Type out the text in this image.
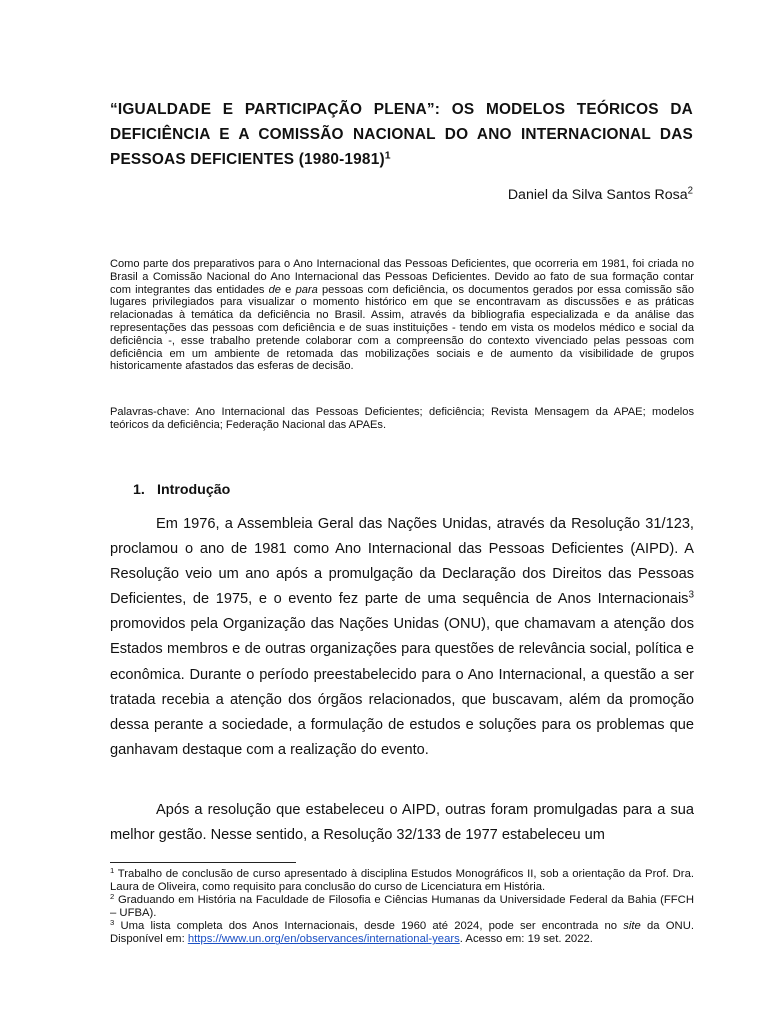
“IGUALDADE E PARTICIPAÇÃO PLENA”: OS MODELOS TEÓRICOS DA DEFICIÊNCIA E A COMISSÃO NACIONAL DO ANO INTERNACIONAL DAS PESSOAS DEFICIENTES (1980-1981)$^1$

Daniel da Silva Santos Rosa$^2$

Como parte dos preparativos para o Ano Internacional das Pessoas Deficientes, que ocorreria em 1981, foi criada no Brasil a Comissão Nacional do Ano Internacional das Pessoas Deficientes. Devido ao fato de sua formação contar com integrantes das entidades de e para pessoas com deficiência, os documentos gerados por essa comissão são lugares privilegiados para visualizar o momento histórico em que se encontravam as discussões e as práticas relacionadas à temática da deficiência no Brasil. Assim, através da bibliografia especializada e da análise das representações das pessoas com deficiência e de suas instituições - tendo em vista os modelos médico e social da deficiência -, esse trabalho pretende colaborar com a compreensão do contexto vivenciado pelas pessoas com deficiência em um ambiente de retomada das mobilizações sociais e de aumento da visibilidade de grupos historicamente afastados das esferas de decisão.

Palavras-chave: Ano Internacional das Pessoas Deficientes; deficiência; Revista Mensagem da APAE; modelos teóricos da deficiência; Federação Nacional das APAEs.

1. Introdução

Em 1976, a Assembleia Geral das Nações Unidas, através da Resolução 31/123, proclamou o ano de 1981 como Ano Internacional das Pessoas Deficientes (AIPD). A Resolução veio um ano após a promulgação da Declaração dos Direitos das Pessoas Deficientes, de 1975, e o evento fez parte de uma sequência de Anos Internacionais$^3$ promovidos pela Organização das Nações Unidas (ONU), que chamavam a atenção dos Estados membros e de outras organizações para questões de relevância social, política e econômica. Durante o período preestabelecido para o Ano Internacional, a questão a ser tratada recebia a atenção dos órgãos relacionados, que buscavam, além da promoção dessa perante a sociedade, a formulação de estudos e soluções para os problemas que ganhavam destaque com a realização do evento.

Após a resolução que estabeleceu o AIPD, outras foram promulgadas para a sua melhor gestão. Nesse sentido, a Resolução 32/133 de 1977 estabeleceu um

$^1$ Trabalho de conclusão de curso apresentado à disciplina Estudos Monográficos II, sob a orientação da Prof. Dra. Laura de Oliveira, como requisito para conclusão do curso de Licenciatura em História.

$^2$ Graduando em História na Faculdade de Filosofia e Ciências Humanas da Universidade Federal da Bahia (FFCH – UFBA).

$^3$ Uma lista completa dos Anos Internacionais, desde 1960 até 2024, pode ser encontrada no site da ONU. Disponível em: https://www.un.org/en/observances/international-years. Acesso em: 19 set. 2022.
